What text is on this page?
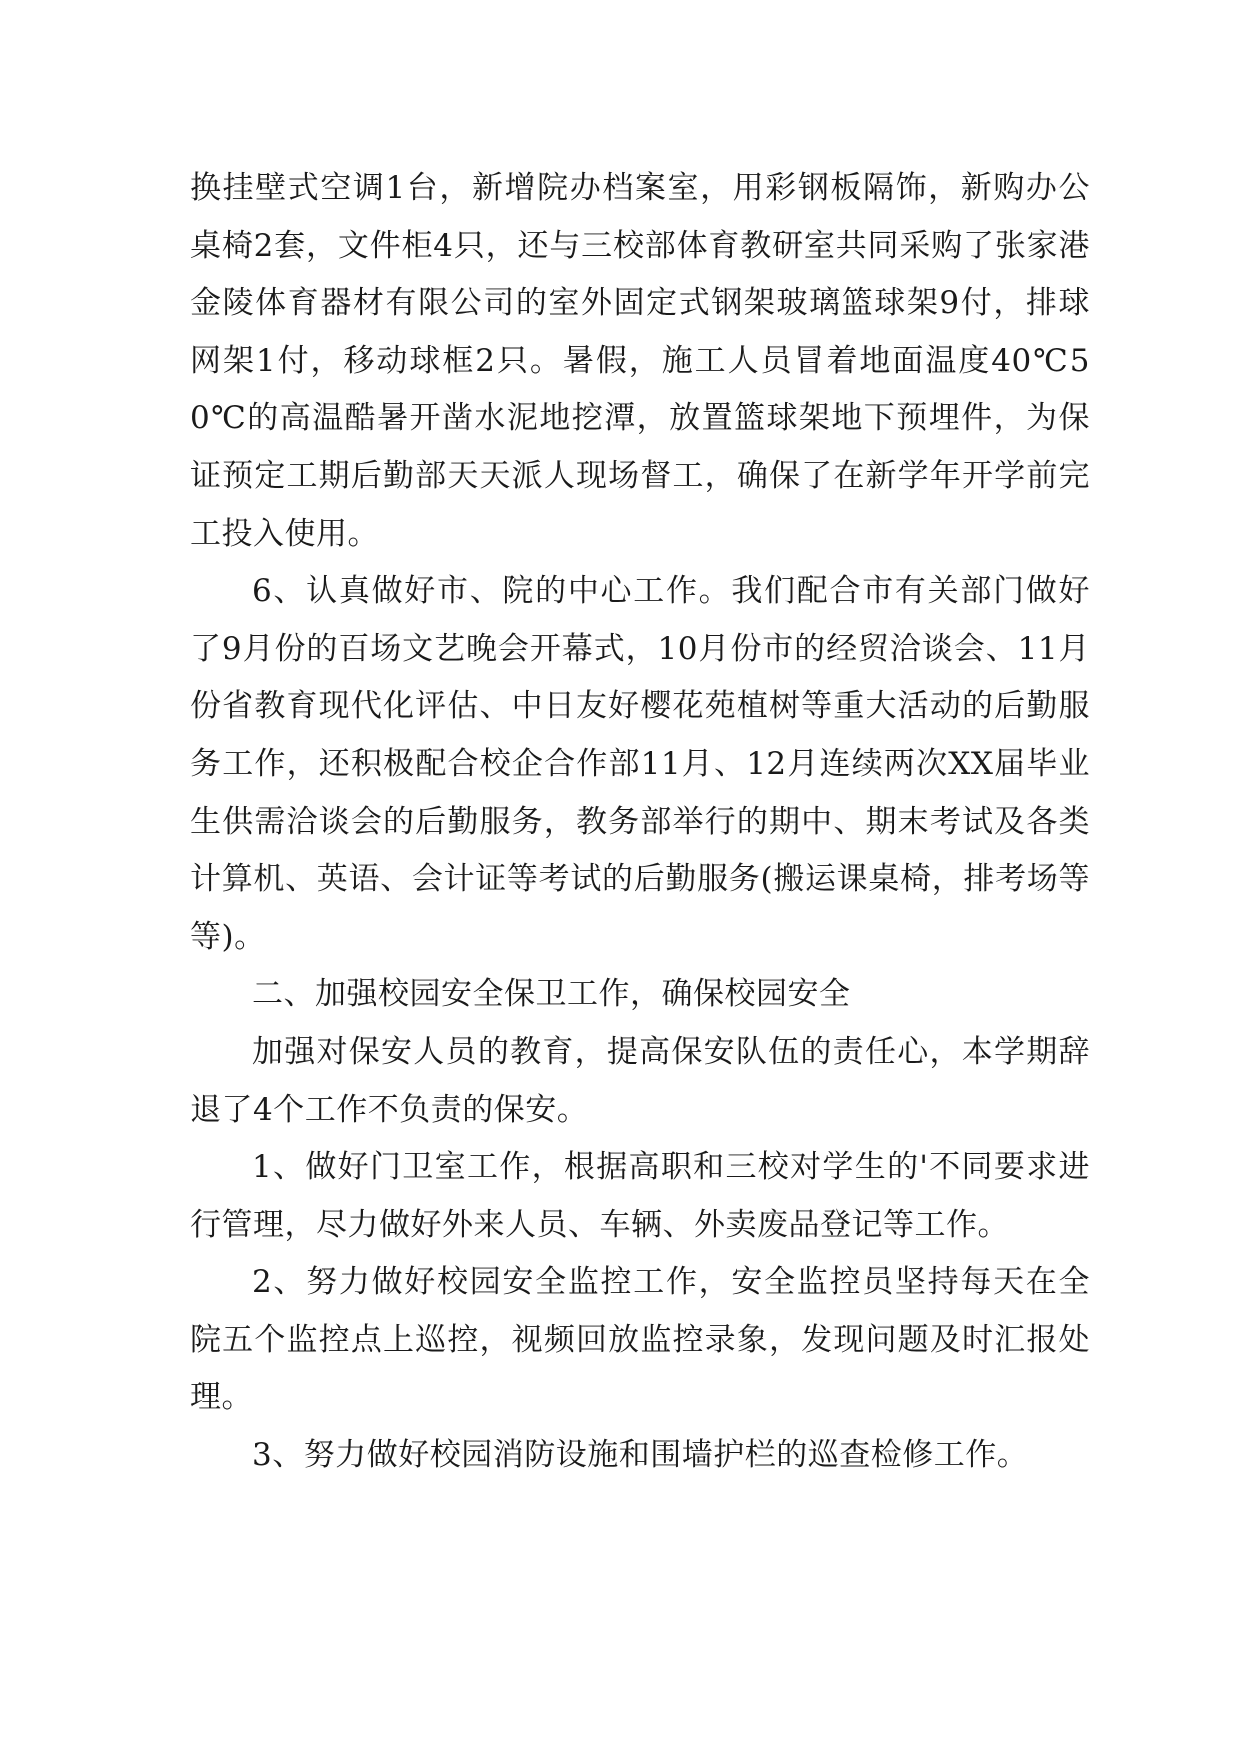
换挂壁式空调1台，新增院办档案室，用彩钢板隔饰，新购办公桌椅2套，文件柜4只，还与三校部体育教研室共同采购了张家港金陵体育器材有限公司的室外固定式钢架玻璃篮球架9付，排球网架1付，移动球框2只。暑假，施工人员冒着地面温度40℃50℃的高温酷暑开凿水泥地挖潭，放置篮球架地下预埋件，为保证预定工期后勤部天天派人现场督工，确保了在新学年开学前完工投入使用。

6、认真做好市、院的中心工作。我们配合市有关部门做好了9月份的百场文艺晚会开幕式，10月份市的经贸洽谈会、11月份省教育现代化评估、中日友好樱花苑植树等重大活动的后勤服务工作，还积极配合校企合作部11月、12月连续两次XX届毕业生供需洽谈会的后勤服务，教务部举行的期中、期末考试及各类计算机、英语、会计证等考试的后勤服务(搬运课桌椅，排考场等等)。

二、加强校园安全保卫工作，确保校园安全

加强对保安人员的教育，提高保安队伍的责任心，本学期辞退了4个工作不负责的保安。

1、做好门卫室工作，根据高职和三校对学生的'不同要求进行管理，尽力做好外来人员、车辆、外卖废品登记等工作。

2、努力做好校园安全监控工作，安全监控员坚持每天在全院五个监控点上巡控，视频回放监控录象，发现问题及时汇报处理。

3、努力做好校园消防设施和围墙护栏的巡查检修工作。
